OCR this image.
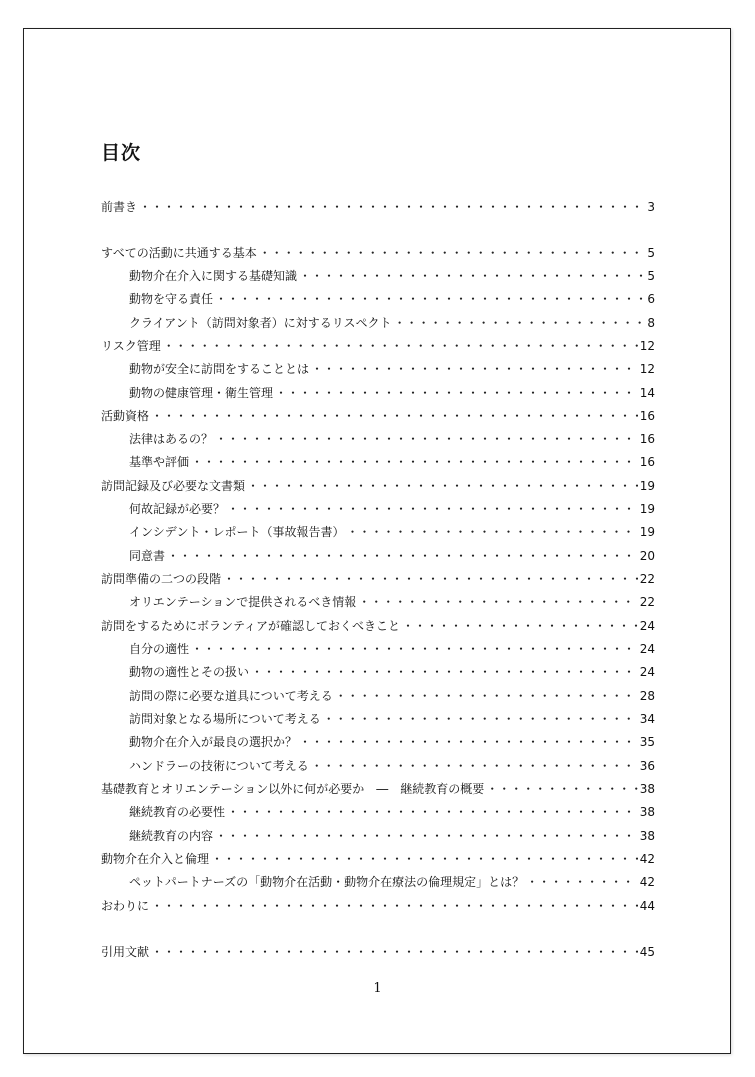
目次
前書き ・・・・・・・・・・・・・・・・・・・・・・・・・・・・・・・・・・・・・・・・・・・・・・・・・・・・・・・・・・・・・・・・・・・・・・・・・・・・・・	3
すべての活動に共通する基本 ・・・・・・・・・・・・・・・・・・・・・・・・・・・・・・・・・・・・・・・・・・・・・・・・・・・・・・・・・・・・・・・・・・・・・・・・・・・・・・	5
動物介在介入に関する基礎知識 ・・・・・・・・・・・・・・・・・・・・・・・・・・・・・・・・・・・・・・・・・・・・・・・・・・・・・・・・・・・・・・・・・・・・・・・・・・・・・・	5
動物を守る責任 ・・・・・・・・・・・・・・・・・・・・・・・・・・・・・・・・・・・・・・・・・・・・・・・・・・・・・・・・・・・・・・・・・・・・・・・・・・・・・・	6
クライアント（訪問対象者）に対するリスペクト ・・・・・・・・・・・・・・・・・・・・・・・・・・・・・・・・・・・・・・・・・・・・・・・・・・・・・・・・・・・・・・・・・・・・・・・・・・・・・・	8
リスク管理 ・・・・・・・・・・・・・・・・・・・・・・・・・・・・・・・・・・・・・・・・・・・・・・・・・・・・・・・・・・・・・・・・・・・・・・・・・・・・・・	12
動物が安全に訪問をすることとは ・・・・・・・・・・・・・・・・・・・・・・・・・・・・・・・・・・・・・・・・・・・・・・・・・・・・・・・・・・・・・・・・・・・・・・・・・・・・・・	12
動物の健康管理・衛生管理 ・・・・・・・・・・・・・・・・・・・・・・・・・・・・・・・・・・・・・・・・・・・・・・・・・・・・・・・・・・・・・・・・・・・・・・・・・・・・・・	14
活動資格 ・・・・・・・・・・・・・・・・・・・・・・・・・・・・・・・・・・・・・・・・・・・・・・・・・・・・・・・・・・・・・・・・・・・・・・・・・・・・・・	16
法律はあるの？ ・・・・・・・・・・・・・・・・・・・・・・・・・・・・・・・・・・・・・・・・・・・・・・・・・・・・・・・・・・・・・・・・・・・・・・・・・・・・・・	16
基準や評価 ・・・・・・・・・・・・・・・・・・・・・・・・・・・・・・・・・・・・・・・・・・・・・・・・・・・・・・・・・・・・・・・・・・・・・・・・・・・・・・	16
訪問記録及び必要な文書類 ・・・・・・・・・・・・・・・・・・・・・・・・・・・・・・・・・・・・・・・・・・・・・・・・・・・・・・・・・・・・・・・・・・・・・・・・・・・・・・	19
何故記録が必要？ ・・・・・・・・・・・・・・・・・・・・・・・・・・・・・・・・・・・・・・・・・・・・・・・・・・・・・・・・・・・・・・・・・・・・・・・・・・・・・・	19
インシデント・レポート（事故報告書） ・・・・・・・・・・・・・・・・・・・・・・・・・・・・・・・・・・・・・・・・・・・・・・・・・・・・・・・・・・・・・・・・・・・・・・・・・・・・・・	19
同意書 ・・・・・・・・・・・・・・・・・・・・・・・・・・・・・・・・・・・・・・・・・・・・・・・・・・・・・・・・・・・・・・・・・・・・・・・・・・・・・・	20
訪問準備の二つの段階 ・・・・・・・・・・・・・・・・・・・・・・・・・・・・・・・・・・・・・・・・・・・・・・・・・・・・・・・・・・・・・・・・・・・・・・・・・・・・・・	22
オリエンテーションで提供されるべき情報 ・・・・・・・・・・・・・・・・・・・・・・・・・・・・・・・・・・・・・・・・・・・・・・・・・・・・・・・・・・・・・・・・・・・・・・・・・・・・・・	22
訪問をするためにボランティアが確認しておくべきこと ・・・・・・・・・・・・・・・・・・・・・・・・・・・・・・・・・・・・・・・・・・・・・・・・・・・・・・・・・・・・・・・・・・・・・・・・・・・・・・	24
自分の適性 ・・・・・・・・・・・・・・・・・・・・・・・・・・・・・・・・・・・・・・・・・・・・・・・・・・・・・・・・・・・・・・・・・・・・・・・・・・・・・・	24
動物の適性とその扱い ・・・・・・・・・・・・・・・・・・・・・・・・・・・・・・・・・・・・・・・・・・・・・・・・・・・・・・・・・・・・・・・・・・・・・・・・・・・・・・	24
訪問の際に必要な道具について考える ・・・・・・・・・・・・・・・・・・・・・・・・・・・・・・・・・・・・・・・・・・・・・・・・・・・・・・・・・・・・・・・・・・・・・・・・・・・・・・	28
訪問対象となる場所について考える ・・・・・・・・・・・・・・・・・・・・・・・・・・・・・・・・・・・・・・・・・・・・・・・・・・・・・・・・・・・・・・・・・・・・・・・・・・・・・・	34
動物介在介入が最良の選択か？ ・・・・・・・・・・・・・・・・・・・・・・・・・・・・・・・・・・・・・・・・・・・・・・・・・・・・・・・・・・・・・・・・・・・・・・・・・・・・・・	35
ハンドラーの技術について考える ・・・・・・・・・・・・・・・・・・・・・・・・・・・・・・・・・・・・・・・・・・・・・・・・・・・・・・・・・・・・・・・・・・・・・・・・・・・・・・	36
基礎教育とオリエンテーション以外に何が必要か　―　継続教育の概要 ・・・・・・・・・・・・・・・・・・・・・・・・・・・・・・・・・・・・・・・・・・・・・・・・・・・・・・・・・・・・・・・・・・・・・・・・・・・・・・	38
継続教育の必要性 ・・・・・・・・・・・・・・・・・・・・・・・・・・・・・・・・・・・・・・・・・・・・・・・・・・・・・・・・・・・・・・・・・・・・・・・・・・・・・・	38
継続教育の内容 ・・・・・・・・・・・・・・・・・・・・・・・・・・・・・・・・・・・・・・・・・・・・・・・・・・・・・・・・・・・・・・・・・・・・・・・・・・・・・・	38
動物介在介入と倫理 ・・・・・・・・・・・・・・・・・・・・・・・・・・・・・・・・・・・・・・・・・・・・・・・・・・・・・・・・・・・・・・・・・・・・・・・・・・・・・・	42
ペットパートナーズの「動物介在活動・動物介在療法の倫理規定」とは？ ・・・・・・・・・・・・・・・・・・・・・・・・・・・・・・・・・・・・・・・・・・・・・・・・・・・・・・・・・・・・・・・・・・・・・・・・・・・・・・	42
おわりに ・・・・・・・・・・・・・・・・・・・・・・・・・・・・・・・・・・・・・・・・・・・・・・・・・・・・・・・・・・・・・・・・・・・・・・・・・・・・・・	44
引用文献 ・・・・・・・・・・・・・・・・・・・・・・・・・・・・・・・・・・・・・・・・・・・・・・・・・・・・・・・・・・・・・・・・・・・・・・・・・・・・・・	45
1
